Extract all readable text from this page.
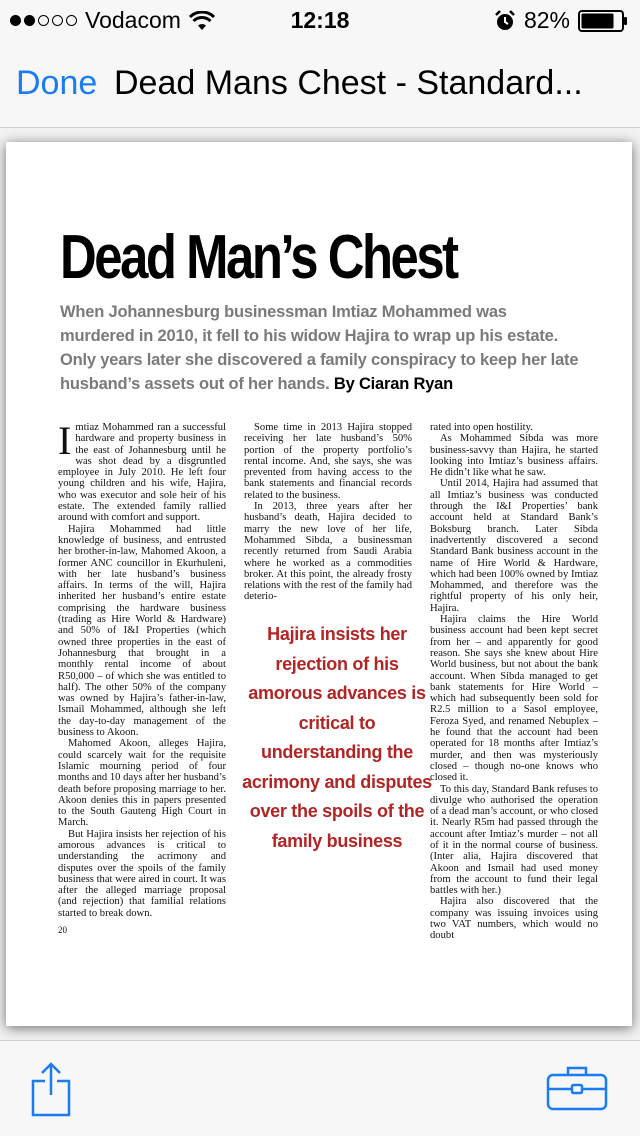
Vodacom	12:18	82%
Done Dead Mans Chest - Standard...
Dead Man’s Chest
When Johannesburg businessman Imtiaz Mohammed was murdered in 2010, it fell to his widow Hajira to wrap up his estate. Only years later she discovered a family conspiracy to keep her late husband’s assets out of her hands. By Ciaran Ryan

Imtiaz Mohammed ran a successful hardware and property business in the east of Johannesburg until he was shot dead by a disgruntled employee in July 2010. He left four young children and his wife, Hajira, who was executor and sole heir of his estate. The extended family rallied around with comfort and support.

Hajira Mohammed had little knowledge of business, and entrusted her brother-in-law, Mahomed Akoon, a former ANC councillor in Ekurhuleni, with her late husband’s business affairs. In terms of the will, Hajira inherited her husband’s entire estate comprising the hardware business (trading as Hire World & Hardware) and 50% of I&I Properties (which owned three properties in the east of Johannesburg that brought in a monthly rental income of about R50,000 – of which she was entitled to half). The other 50% of the company was owned by Hajira’s father-in-law, Ismail Mohammed, although she left the day-to-day management of the business to Akoon.

Mahomed Akoon, alleges Hajira, could scarcely wait for the requisite Islamic mourning period of four months and 10 days after her husband’s death before proposing marriage to her. Akoon denies this in papers presented to the South Gauteng High Court in March.

But Hajira insists her rejection of his amorous advances is critical to understanding the acrimony and disputes over the spoils of the family business that were aired in court. It was after the alleged marriage proposal (and rejection) that familial relations started to break down.

Some time in 2013 Hajira stopped receiving her late husband’s 50% portion of the property portfolio’s rental income. And, she says, she was prevented from having access to the bank statements and financial records related to the business.

In 2013, three years after her husband’s death, Hajira decided to marry the new love of her life, Mohammed Sibda, a businessman recently returned from Saudi Arabia where he worked as a commodities broker. At this point, the already frosty relations with the rest of the family had deterio-

rated into open hostility.

As Mohammed Sibda was more business-savvy than Hajira, he started looking into Imtiaz’s business affairs. He didn’t like what he saw.

Until 2014, Hajira had assumed that all Imtiaz’s business was conducted through the I&I Properties’ bank account held at Standard Bank’s Boksburg branch. Later Sibda inadvertently discovered a second Standard Bank business account in the name of Hire World & Hardware, which had been 100% owned by Imtiaz Mohammed, and therefore was the rightful property of his only heir, Hajira.

Hajira claims the Hire World business account had been kept secret from her – and apparently for good reason. She says she knew about Hire World business, but not about the bank account. When Sibda managed to get bank statements for Hire World – which had subsequently been sold for R2.5 million to a Sasol employee, Feroza Syed, and renamed Nebuplex – he found that the account had been operated for 18 months after Imtiaz’s murder, and then was mysteriously closed – though no-one knows who closed it.

To this day, Standard Bank refuses to divulge who authorised the operation of a dead man’s account, or who closed it. Nearly R5m had passed through the account after Imtiaz’s murder – not all of it in the normal course of business. (Inter alia, Hajira discovered that Akoon and Ismail had used money from the account to fund their legal battles with her.)

Hajira also discovered that the company was issuing invoices using two VAT numbers, which would no doubt

Hajira insists her rejection of his amorous advances is critical to understanding the acrimony and disputes over the spoils of the family business
20
